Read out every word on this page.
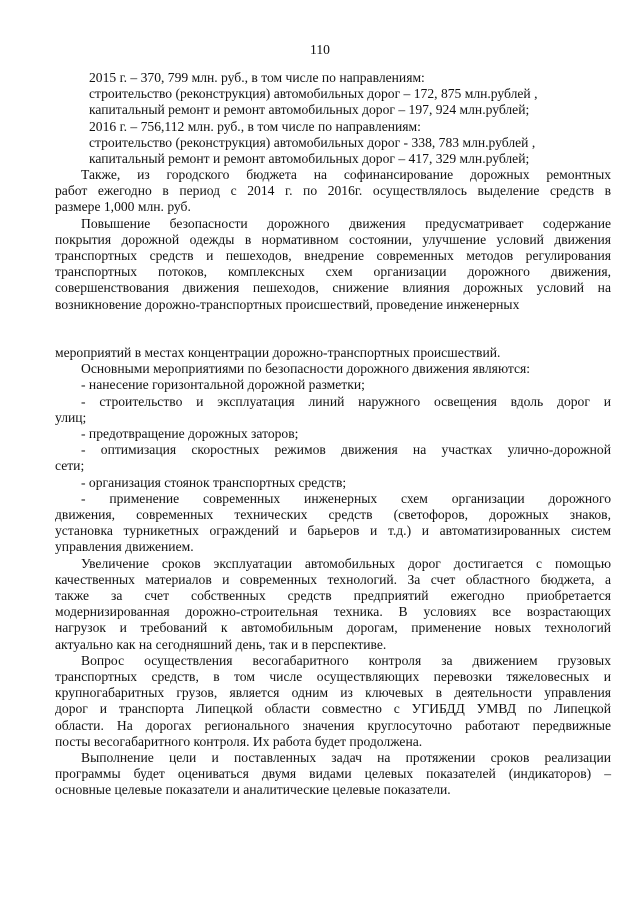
110

2015 г. – 370, 799 млн. руб., в том числе по направлениям:

строительство (реконструкция) автомобильных дорог – 172, 875 млн.рублей ,

капитальный ремонт и ремонт автомобильных дорог – 197, 924 млн.рублей;

2016 г. – 756,112 млн. руб., в том числе по направлениям:

строительство (реконструкция) автомобильных дорог - 338, 783 млн.рублей ,

капитальный ремонт и ремонт автомобильных дорог – 417, 329 млн.рублей;

Также, из городского бюджета на софинансирование дорожных ремонтных

работ ежегодно в период с 2014 г. по 2016г. осуществлялось выделение средств в

размере 1,000 млн. руб.

Повышение безопасности дорожного движения предусматривает содержание

покрытия дорожной одежды в нормативном состоянии, улучшение условий движения

транспортных средств и пешеходов, внедрение современных методов регулирования

транспортных потоков, комплексных схем организации дорожного движения,

совершенствования движения пешеходов, снижение влияния дорожных условий на

возникновение дорожно-транспортных происшествий, проведение инженерных

мероприятий в местах концентрации дорожно-транспортных происшествий.

Основными мероприятиями по безопасности дорожного движения являются:

- нанесение горизонтальной дорожной разметки;

- строительство и эксплуатация линий наружного освещения вдоль дорог и

улиц;

- предотвращение дорожных заторов;

- оптимизация скоростных режимов движения на участках улично-дорожной

сети;

- организация стоянок транспортных средств;

- применение современных инженерных схем организации дорожного

движения, современных технических средств (светофоров, дорожных знаков,

установка турникетных ограждений и барьеров и т.д.) и автоматизированных систем

управления движением.

Увеличение сроков эксплуатации автомобильных дорог достигается с помощью

качественных материалов и современных технологий. За счет областного бюджета, а

также за счет собственных средств предприятий ежегодно приобретается

модернизированная дорожно-строительная техника. В условиях все возрастающих

нагрузок и требований к автомобильным дорогам, применение новых технологий

актуально как на сегодняшний день, так и в перспективе.

Вопрос осуществления весогабаритного контроля за движением грузовых

транспортных средств, в том числе осуществляющих перевозки тяжеловесных и

крупногабаритных грузов, является одним из ключевых в деятельности управления

дорог и транспорта Липецкой области совместно с УГИБДД УМВД по Липецкой

области. На дорогах регионального значения круглосуточно работают передвижные

посты весогабаритного контроля. Их работа будет продолжена.

Выполнение цели и поставленных задач на протяжении сроков реализации

программы будет оцениваться двумя видами целевых показателей (индикаторов) –

основные целевые показатели и аналитические целевые показатели.
